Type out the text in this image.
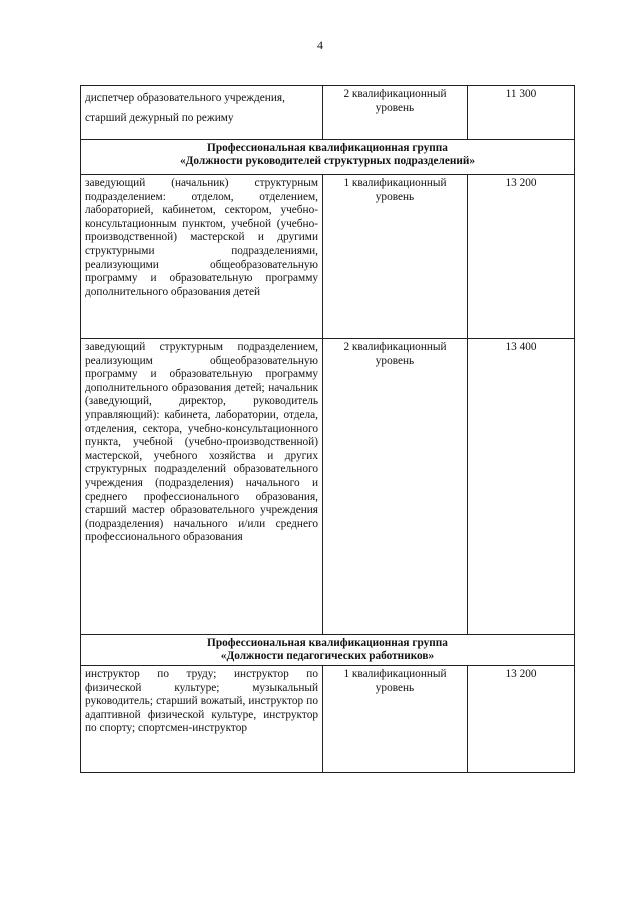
4
диспетчер образовательного учреждения,
старший дежурный по режиму	2 квалификационный уровень	11 300

Профессиональная квалификационная группа
«Должности руководителей структурных подразделений»		

заведующий (начальник) структурным подразделением: отделом, отделением, лабораторией, кабинетом, сектором, учебно-консультационным пунктом, учебной (учебно-производственной) мастерской и другими структурными подразделениями, реализующими общеобразовательную программу и образовательную программу дополнительного образования детей	1 квалификационный уровень	13 200
заведующий структурным подразделением, реализующим общеобразовательную программу и образовательную программу дополнительного образования детей; начальник (заведующий, директор, руководитель управляющий): кабинета, лаборатории, отдела, отделения, сектора, учебно-консультационного пункта, учебной (учебно-производственной) мастерской, учебного хозяйства и других структурных подразделений образовательного учреждения (подразделения) начального и среднего профессионального образования, старший мастер образовательного учреждения (подразделения) начального и/или среднего профессионального образования	2 квалификационный уровень	13 400

Профессиональная квалификационная группа
«Должности педагогических работников»		

инструктор по труду; инструктор по физической культуре; музыкальный руководитель; старший вожатый, инструктор по адаптивной физической культуре, инструктор по спорту; спортсмен-инструктор	1 квалификационный уровень	13 200
